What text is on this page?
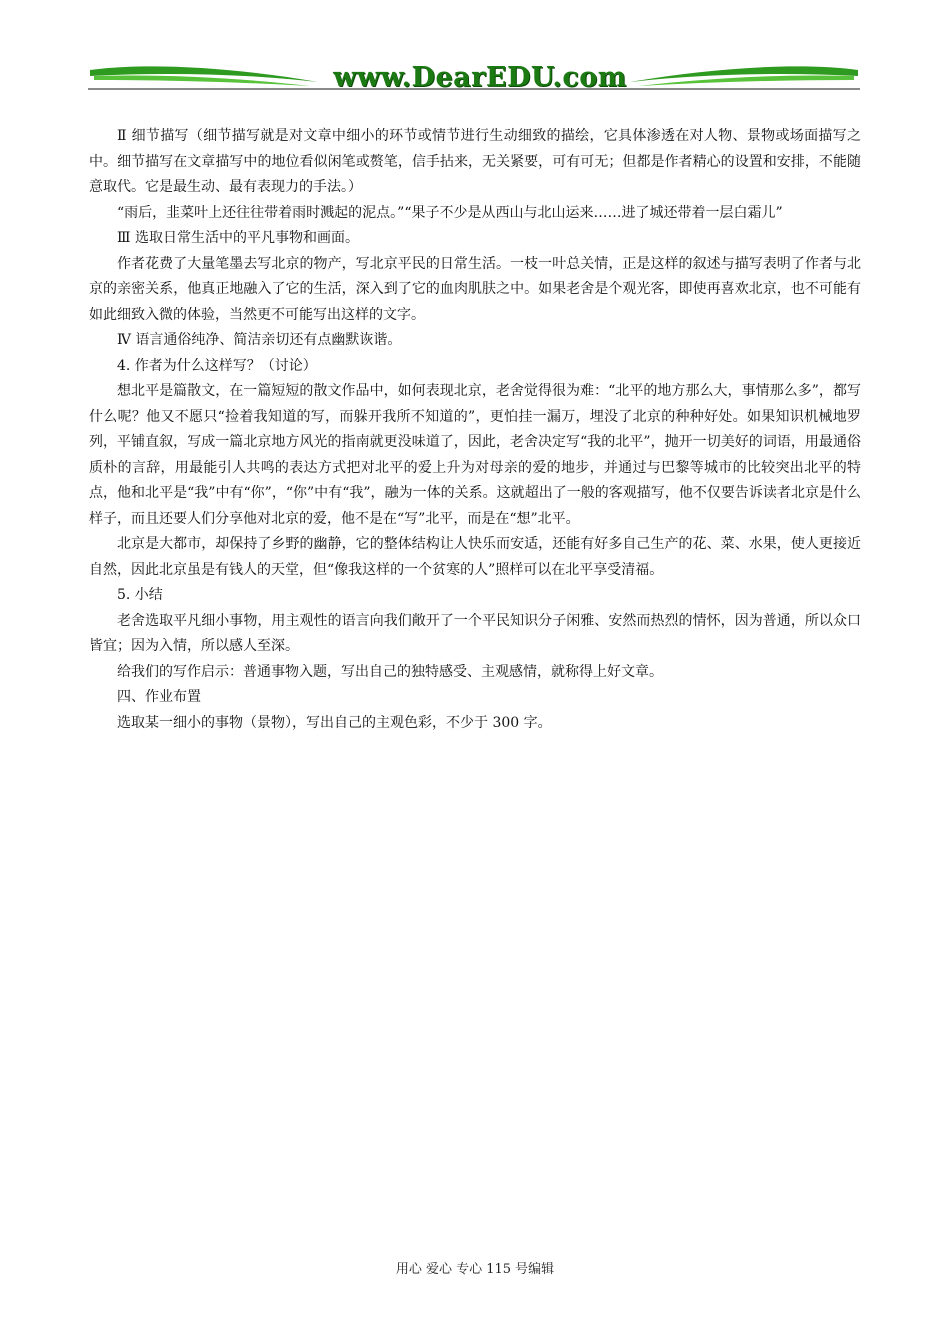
www.DearEDU.com

Ⅱ 细节描写（细节描写就是对文章中细小的环节或情节进行生动细致的描绘，它具体渗透在对人物、景物或场面描写之中。细节描写在文章描写中的地位看似闲笔或赘笔，信手拈来，无关紧要，可有可无；但都是作者精心的设置和安排，不能随意取代。它是最生动、最有表现力的手法。）

“雨后，韭菜叶上还往往带着雨时溅起的泥点。”“果子不少是从西山与北山运来……进了城还带着一层白霜儿”

Ⅲ 选取日常生活中的平凡事物和画面。

作者花费了大量笔墨去写北京的物产，写北京平民的日常生活。一枝一叶总关情，正是这样的叙述与描写表明了作者与北京的亲密关系，他真正地融入了它的生活，深入到了它的血肉肌肤之中。如果老舍是个观光客，即使再喜欢北京，也不可能有如此细致入微的体验，当然更不可能写出这样的文字。

Ⅳ 语言通俗纯净、简洁亲切还有点幽默诙谐。

4. 作者为什么这样写？（讨论）

想北平是篇散文，在一篇短短的散文作品中，如何表现北京，老舍觉得很为难：“北平的地方那么大，事情那么多”，都写什么呢？他又不愿只“捡着我知道的写，而躲开我所不知道的”，更怕挂一漏万，埋没了北京的种种好处。如果知识机械地罗列，平铺直叙，写成一篇北京地方风光的指南就更没味道了，因此，老舍决定写“我的北平”，抛开一切美好的词语，用最通俗质朴的言辞，用最能引人共鸣的表达方式把对北平的爱上升为对母亲的爱的地步，并通过与巴黎等城市的比较突出北平的特点，他和北平是“我”中有“你”，“你”中有“我”，融为一体的关系。这就超出了一般的客观描写，他不仅要告诉读者北京是什么样子，而且还要人们分享他对北京的爱，他不是在“写”北平，而是在“想”北平。

北京是大都市，却保持了乡野的幽静，它的整体结构让人快乐而安适，还能有好多自己生产的花、菜、水果，使人更接近自然，因此北京虽是有钱人的天堂，但“像我这样的一个贫寒的人”照样可以在北平享受清福。

5. 小结

老舍选取平凡细小事物，用主观性的语言向我们敞开了一个平民知识分子闲雅、安然而热烈的情怀，因为普通，所以众口皆宜；因为入情，所以感人至深。

给我们的写作启示：普通事物入题，写出自己的独特感受、主观感情，就称得上好文章。

四、作业布置

选取某一细小的事物（景物），写出自己的主观色彩，不少于 300 字。

用心 爱心 专心 115 号编辑
